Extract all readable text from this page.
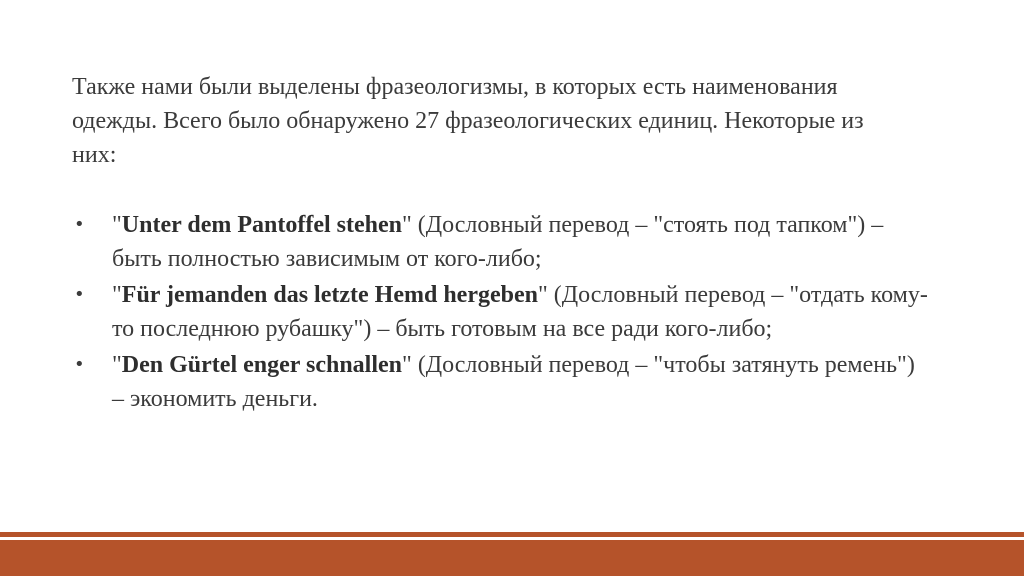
Также нами были выделены фразеологизмы, в которых есть наименования одежды. Всего было обнаружено 27 фразеологических единиц. Некоторые из них:

• "Unter dem Pantoffel stehen" (Дословный перевод – "стоять под тапком") – быть полностью зависимым от кого-либо;
• "Für jemanden das letzte Hemd hergeben" (Дословный перевод – "отдать кому-то последнюю рубашку") – быть готовым на все ради кого-либо;
• "Den Gürtel enger schnallen" (Дословный перевод – "чтобы затянуть ремень") – экономить деньги.
